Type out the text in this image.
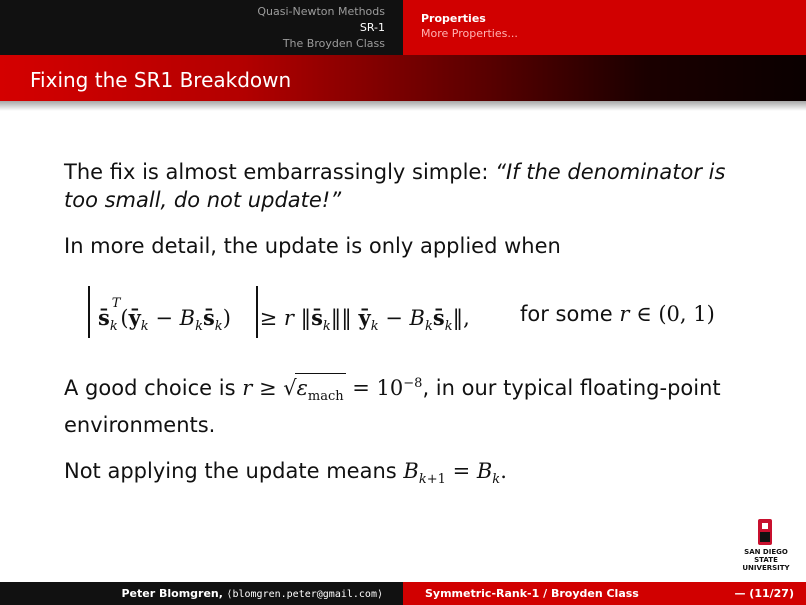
Quasi-Newton Methods
SR-1
The Broyden Class
Properties
More Properties...
Fixing the SR1 Breakdown

The fix is almost embarrassingly simple: “If the denominator is too small, do not update!”

In more detail, the update is only applied when

$s̄_k^T(ȳ_k$ − $B_ks̄_k) \ge r$ $‖s̄_k‖‖$ $ȳ_k$ − $B_ks̄_k‖$, for some r ∈ (0, 1)

A good choice is $r \ge √\varepsilon_{mach} = 10^{-8}$, in our typical floating-point environments.

Not applying the update means $B_{k+1} = B_k$.

SAN DIEGO STATE
UNIVERSITY
Peter Blomgren, ⟨blomgren.peter@gmail.com⟩	Symmetric-Rank-1 / Broyden Class	— (11/27)
